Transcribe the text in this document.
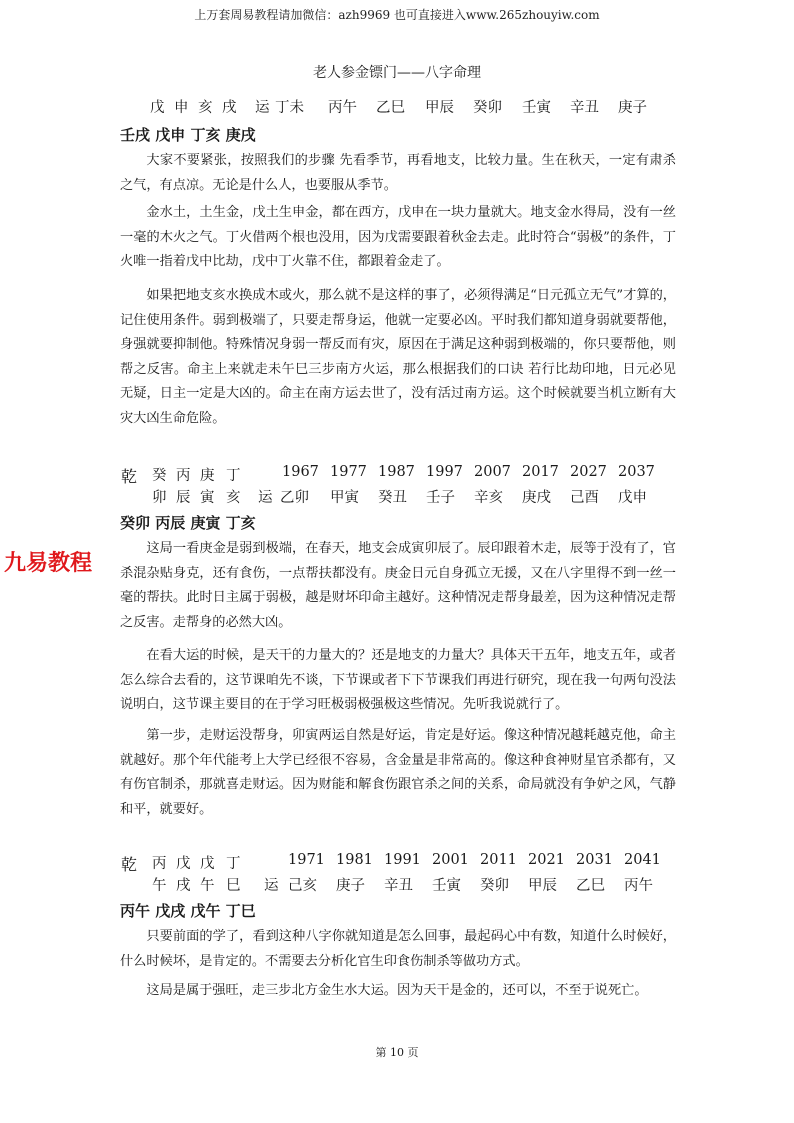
上万套周易教程请加微信：azh9969 也可直接进入www.265zhouyiw.com
老人参金镖门——八字命理
戊 申 亥 戌 运 丁未 丙午 乙巳 甲辰 癸卯 壬寅 辛丑 庚子
壬戌 戊申 丁亥 庚戌

大家不要紧张，按照我们的步骤 先看季节，再看地支，比较力量。生在秋天，一定有肃杀之气，有点凉。无论是什么人，也要服从季节。

金水土，土生金，戊土生申金，都在西方，戊申在一块力量就大。地支金水得局，没有一丝一毫的木火之气。丁火借两个根也没用，因为戊需要跟着秋金去走。此时符合“弱极”的条件，丁火唯一指着戊中比劫，戊中丁火靠不住，都跟着金走了。

如果把地支亥水换成木或火，那么就不是这样的事了，必须得满足“日元孤立无气”才算的，记住使用条件。弱到极端了，只要走帮身运，他就一定要必凶。平时我们都知道身弱就要帮他，身强就要抑制他。特殊情况身弱一帮反而有灾，原因在于满足这种弱到极端的，你只要帮他，则帮之反害。命主上来就走未午巳三步南方火运，那么根据我们的口诀 若行比劫印地，日元必见无疑，日主一定是大凶的。命主在南方运去世了，没有活过南方运。这个时候就要当机立断有大灾大凶生命危险。

乾 癸 丙 庚 丁	1967 1977 1987 1997 2007 2017 2027 2037
卯 辰 寅 亥 运 乙卯 甲寅 癸丑 壬子 辛亥 庚戌 己酉 戊申
癸卯 丙辰 庚寅 丁亥
九易教程

这局一看庚金是弱到极端，在春天，地支会成寅卯辰了。辰印跟着木走，辰等于没有了，官杀混杂贴身克，还有食伤，一点帮扶都没有。庚金日元自身孤立无援，又在八字里得不到一丝一毫的帮扶。此时日主属于弱极，越是财坏印命主越好。这种情况走帮身最差，因为这种情况走帮之反害。走帮身的必然大凶。

在看大运的时候，是天干的力量大的？还是地支的力量大？具体天干五年，地支五年，或者怎么综合去看的，这节课咱先不谈，下节课或者下下节课我们再进行研究，现在我一句两句没法说明白，这节课主要目的在于学习旺极弱极强极这些情况。先听我说就行了。

第一步，走财运没帮身，卯寅两运自然是好运，肯定是好运。像这种情况越耗越克他，命主就越好。那个年代能考上大学已经很不容易，含金量是非常高的。像这种食神财星官杀都有，又有伤官制杀，那就喜走财运。因为财能和解食伤跟官杀之间的关系，命局就没有争妒之风，气静和平，就要好。

乾 丙 戊 戊 丁	1971 1981 1991 2001 2011 2021 2031 2041
午 戌 午 巳 运 己亥 庚子 辛丑 壬寅 癸卯 甲辰 乙巳 丙午
丙午 戊戌 戊午 丁巳

只要前面的学了，看到这种八字你就知道是怎么回事，最起码心中有数，知道什么时候好，什么时候坏，是肯定的。不需要去分析化官生印食伤制杀等做功方式。

这局是属于强旺，走三步北方金生水大运。因为天干是金的，还可以，不至于说死亡。

第 10 页
